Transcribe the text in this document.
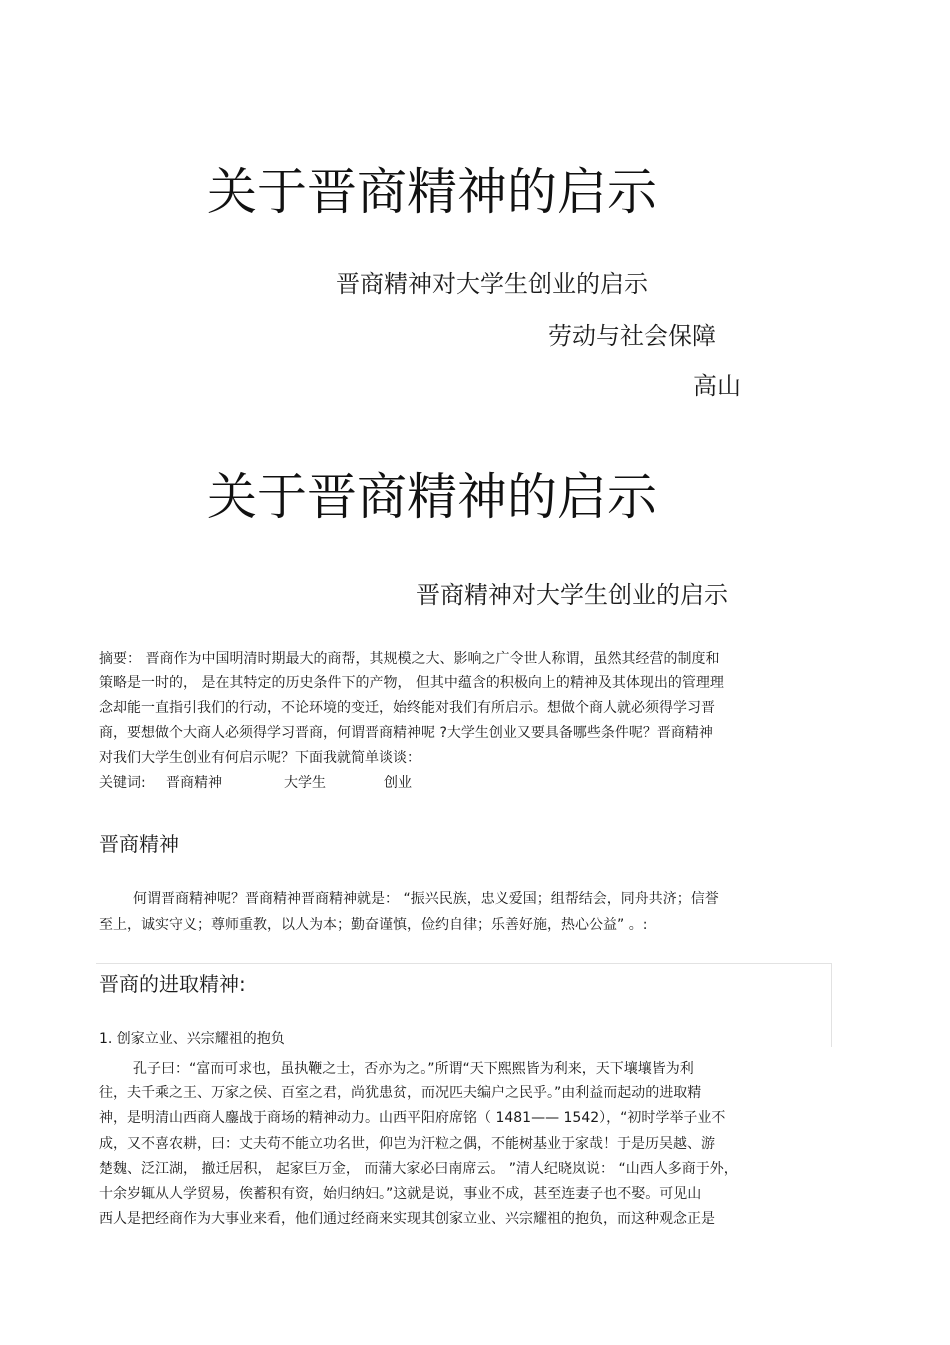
关于晋商精神的启示
晋商精神对大学生创业的启示
劳动与社会保障
高山
关于晋商精神的启示
晋商精神对大学生创业的启示
摘要： 晋商作为中国明清时期最大的商帮，其规模之大、影响之广令世人称谓，虽然其经营的制度和
策略是一时的， 是在其特定的历史条件下的产物， 但其中蕴含的积极向上的精神及其体现出的管理理
念却能一直指引我们的行动，不论环境的变迁，始终能对我们有所启示。想做个商人就必须得学习晋
商，要想做个大商人必须得学习晋商，何谓晋商精神呢 ?大学生创业又要具备哪些条件呢？晋商精神
对我们大学生创业有何启示呢？下面我就简单谈谈：
关键词: 晋商精神	大学生	创业
晋商精神
何谓晋商精神呢？晋商精神晋商精神就是： “振兴民族，忠义爱国；组帮结会，同舟共济；信誉
至上，诚实守义；尊师重教，以人为本；勤奋谨慎，俭约自律；乐善好施，热心公益” 。:
晋商的进取精神:
1. 创家立业、兴宗耀祖的抱负
孔子曰：“富而可求也，虽执鞭之士，否亦为之。”所谓“天下熙熙皆为利来，天下壤壤皆为利
往，夫千乘之王、万家之侯、百室之君，尚犹患贫，而况匹夫编户之民乎。”由利益而起动的进取精
神，是明清山西商人鏖战于商场的精神动力。山西平阳府席铭（ 1481—— 1542），“初时学举子业不
成，又不喜农耕，曰：丈夫苟不能立功名世，仰岂为汗粒之偶，不能树基业于家哉！于是历吴越、游
楚魏、泛江湖， 撤迁居积， 起家巨万金， 而蒲大家必曰南席云。 ”清人纪晓岚说： “山西人多商于外，
十余岁辄从人学贸易，俟蓄积有资，始归纳妇。”这就是说，事业不成，甚至连妻子也不娶。可见山
西人是把经商作为大事业来看，他们通过经商来实现其创家立业、兴宗耀祖的抱负，而这种观念正是
